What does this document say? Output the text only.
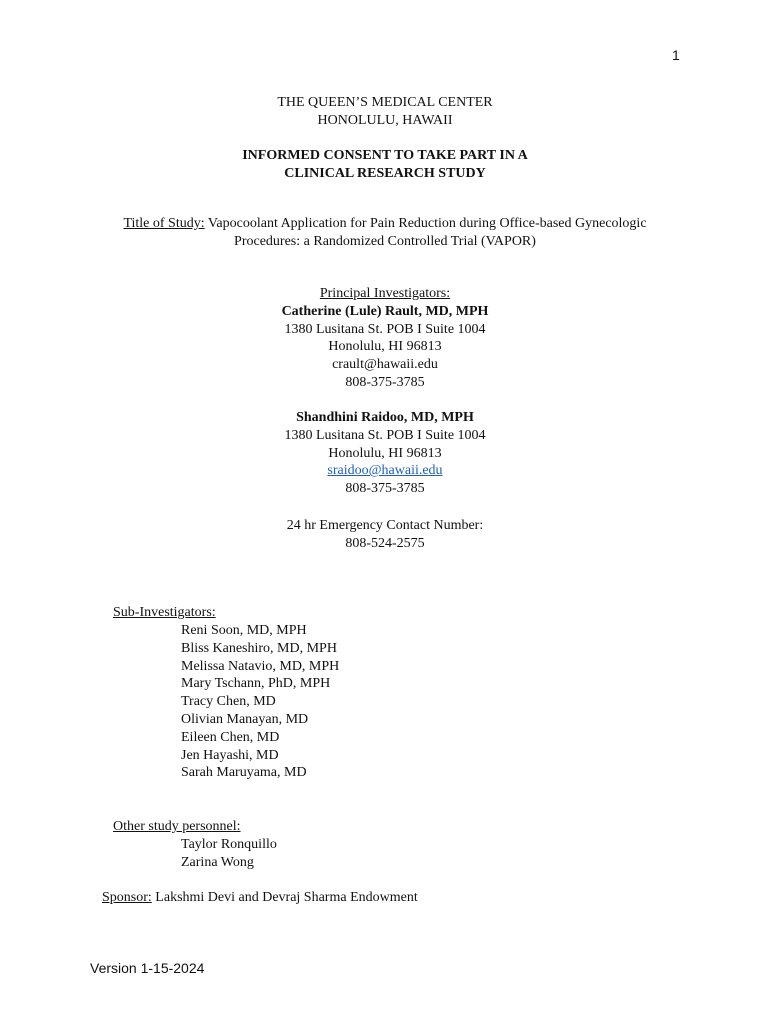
1
THE QUEEN’S MEDICAL CENTER
HONOLULU, HAWAII
INFORMED CONSENT TO TAKE PART IN A
CLINICAL RESEARCH STUDY
Title of Study: Vapocoolant Application for Pain Reduction during Office-based Gynecologic
Procedures: a Randomized Controlled Trial (VAPOR)
Principal Investigators:
Catherine (Lule) Rault, MD, MPH
1380 Lusitana St. POB I Suite 1004
Honolulu, HI 96813
crault@hawaii.edu
808-375-3785
Shandhini Raidoo, MD, MPH
1380 Lusitana St. POB I Suite 1004
Honolulu, HI 96813
sraidoo@hawaii.edu
808-375-3785
24 hr Emergency Contact Number:
808-524-2575
Sub-Investigators:
Reni Soon, MD, MPH
Bliss Kaneshiro, MD, MPH
Melissa Natavio, MD, MPH
Mary Tschann, PhD, MPH
Tracy Chen, MD
Olivian Manayan, MD
Eileen Chen, MD
Jen Hayashi, MD
Sarah Maruyama, MD
Other study personnel:
Taylor Ronquillo
Zarina Wong
Sponsor: Lakshmi Devi and Devraj Sharma Endowment
Version 1-15-2024
